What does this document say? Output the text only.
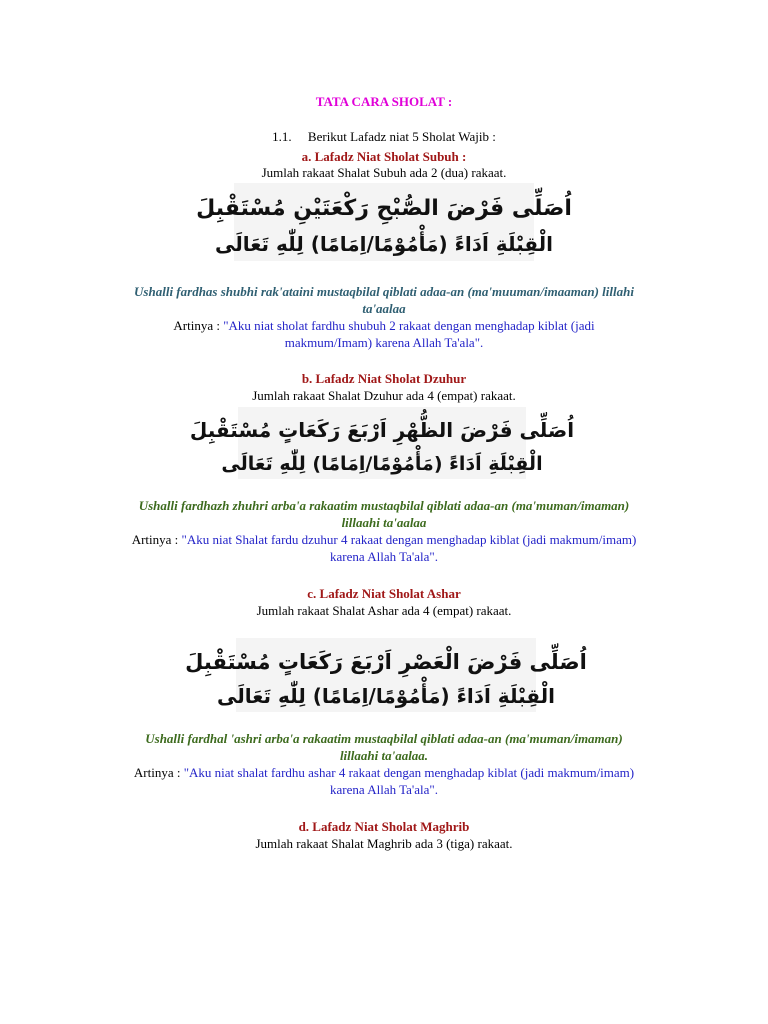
TATA CARA SHOLAT :
1.1. Berikut Lafadz niat 5 Sholat Wajib :
a. Lafadz Niat Sholat Subuh :
Jumlah rakaat Shalat Subuh ada 2 (dua) rakaat.
اُصَلِّى فَرْضَ الصُّبْحِ رَكْعَتَيْنِ مُسْتَقْبِلَ
الْقِبْلَةِ اَدَاءً (مَأْمُوْمًا/اِمَامًا) لِلّٰهِ تَعَالَى
Ushalli fardhas shubhi rak'ataini mustaqbilal qiblati adaa-an (ma'muuman/imaaman) lillahi
ta'aalaa
Artinya : "Aku niat sholat fardhu shubuh 2 rakaat dengan menghadap kiblat (jadi
makmum/Imam) karena Allah Ta'ala".
b. Lafadz Niat Sholat Dzuhur
Jumlah rakaat Shalat Dzuhur ada 4 (empat) rakaat.
اُصَلِّى فَرْضَ الظُّهْرِ اَرْبَعَ رَكَعَاتٍ مُسْتَقْبِلَ
الْقِبْلَةِ اَدَاءً (مَأْمُوْمًا/اِمَامًا) لِلّٰهِ تَعَالَى
Ushalli fardhazh zhuhri arba'a rakaatim mustaqbilal qiblati adaa-an (ma'muman/imaman)
lillaahi ta'aalaa
Artinya : "Aku niat Shalat fardu dzuhur 4 rakaat dengan menghadap kiblat (jadi makmum/imam)
karena Allah Ta'ala".
c. Lafadz Niat Sholat Ashar
Jumlah rakaat Shalat Ashar ada 4 (empat) rakaat.
اُصَلِّى فَرْضَ الْعَصْرِ اَرْبَعَ رَكَعَاتٍ مُسْتَقْبِلَ
الْقِبْلَةِ اَدَاءً (مَأْمُوْمًا/اِمَامًا) لِلّٰهِ تَعَالَى
Ushalli fardhal 'ashri arba'a rakaatim mustaqbilal qiblati adaa-an (ma'muman/imaman)
lillaahi ta'aalaa.
Artinya : "Aku niat shalat fardhu ashar 4 rakaat dengan menghadap kiblat (jadi makmum/imam)
karena Allah Ta'ala".
d. Lafadz Niat Sholat Maghrib
Jumlah rakaat Shalat Maghrib ada 3 (tiga) rakaat.
